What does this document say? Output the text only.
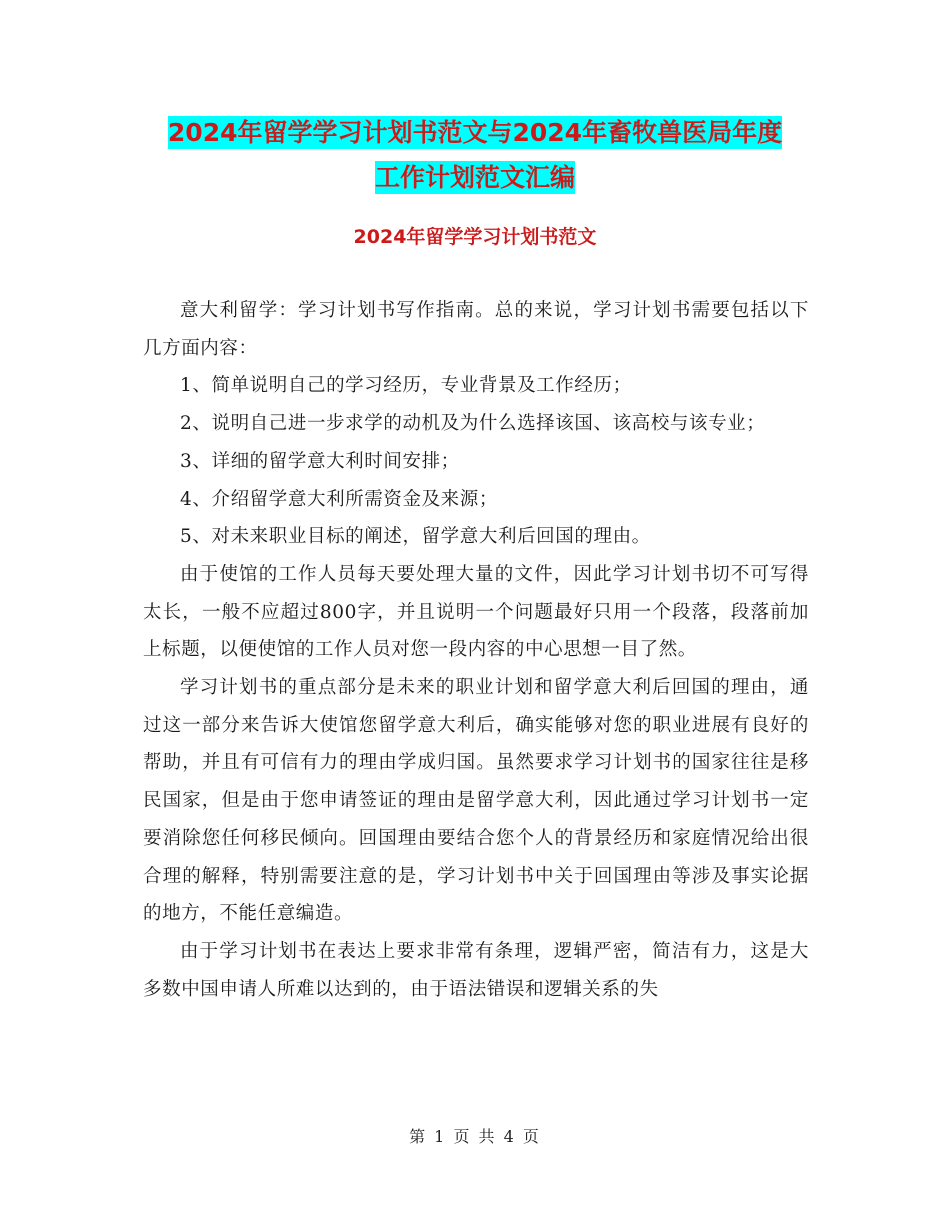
2024年留学学习计划书范文与2024年畜牧兽医局年度
工作计划范文汇编
2024年留学学习计划书范文

意大利留学：学习计划书写作指南。总的来说，学习计划书需要包括以下几方面内容：

1、简单说明自己的学习经历，专业背景及工作经历；

2、说明自己进一步求学的动机及为什么选择该国、该高校与该专业；

3、详细的留学意大利时间安排；

4、介绍留学意大利所需资金及来源；

5、对未来职业目标的阐述，留学意大利后回国的理由。

由于使馆的工作人员每天要处理大量的文件，因此学习计划书切不可写得太长，一般不应超过800字，并且说明一个问题最好只用一个段落，段落前加上标题，以便使馆的工作人员对您一段内容的中心思想一目了然。

学习计划书的重点部分是未来的职业计划和留学意大利后回国的理由，通过这一部分来告诉大使馆您留学意大利后，确实能够对您的职业进展有良好的帮助，并且有可信有力的理由学成归国。虽然要求学习计划书的国家往往是移民国家，但是由于您申请签证的理由是留学意大利，因此通过学习计划书一定要消除您任何移民倾向。回国理由要结合您个人的背景经历和家庭情况给出很合理的解释，特别需要注意的是，学习计划书中关于回国理由等涉及事实论据的地方，不能任意编造。

由于学习计划书在表达上要求非常有条理，逻辑严密，简洁有力，这是大多数中国申请人所难以达到的，由于语法错误和逻辑关系的失

第 1 页 共 4 页
